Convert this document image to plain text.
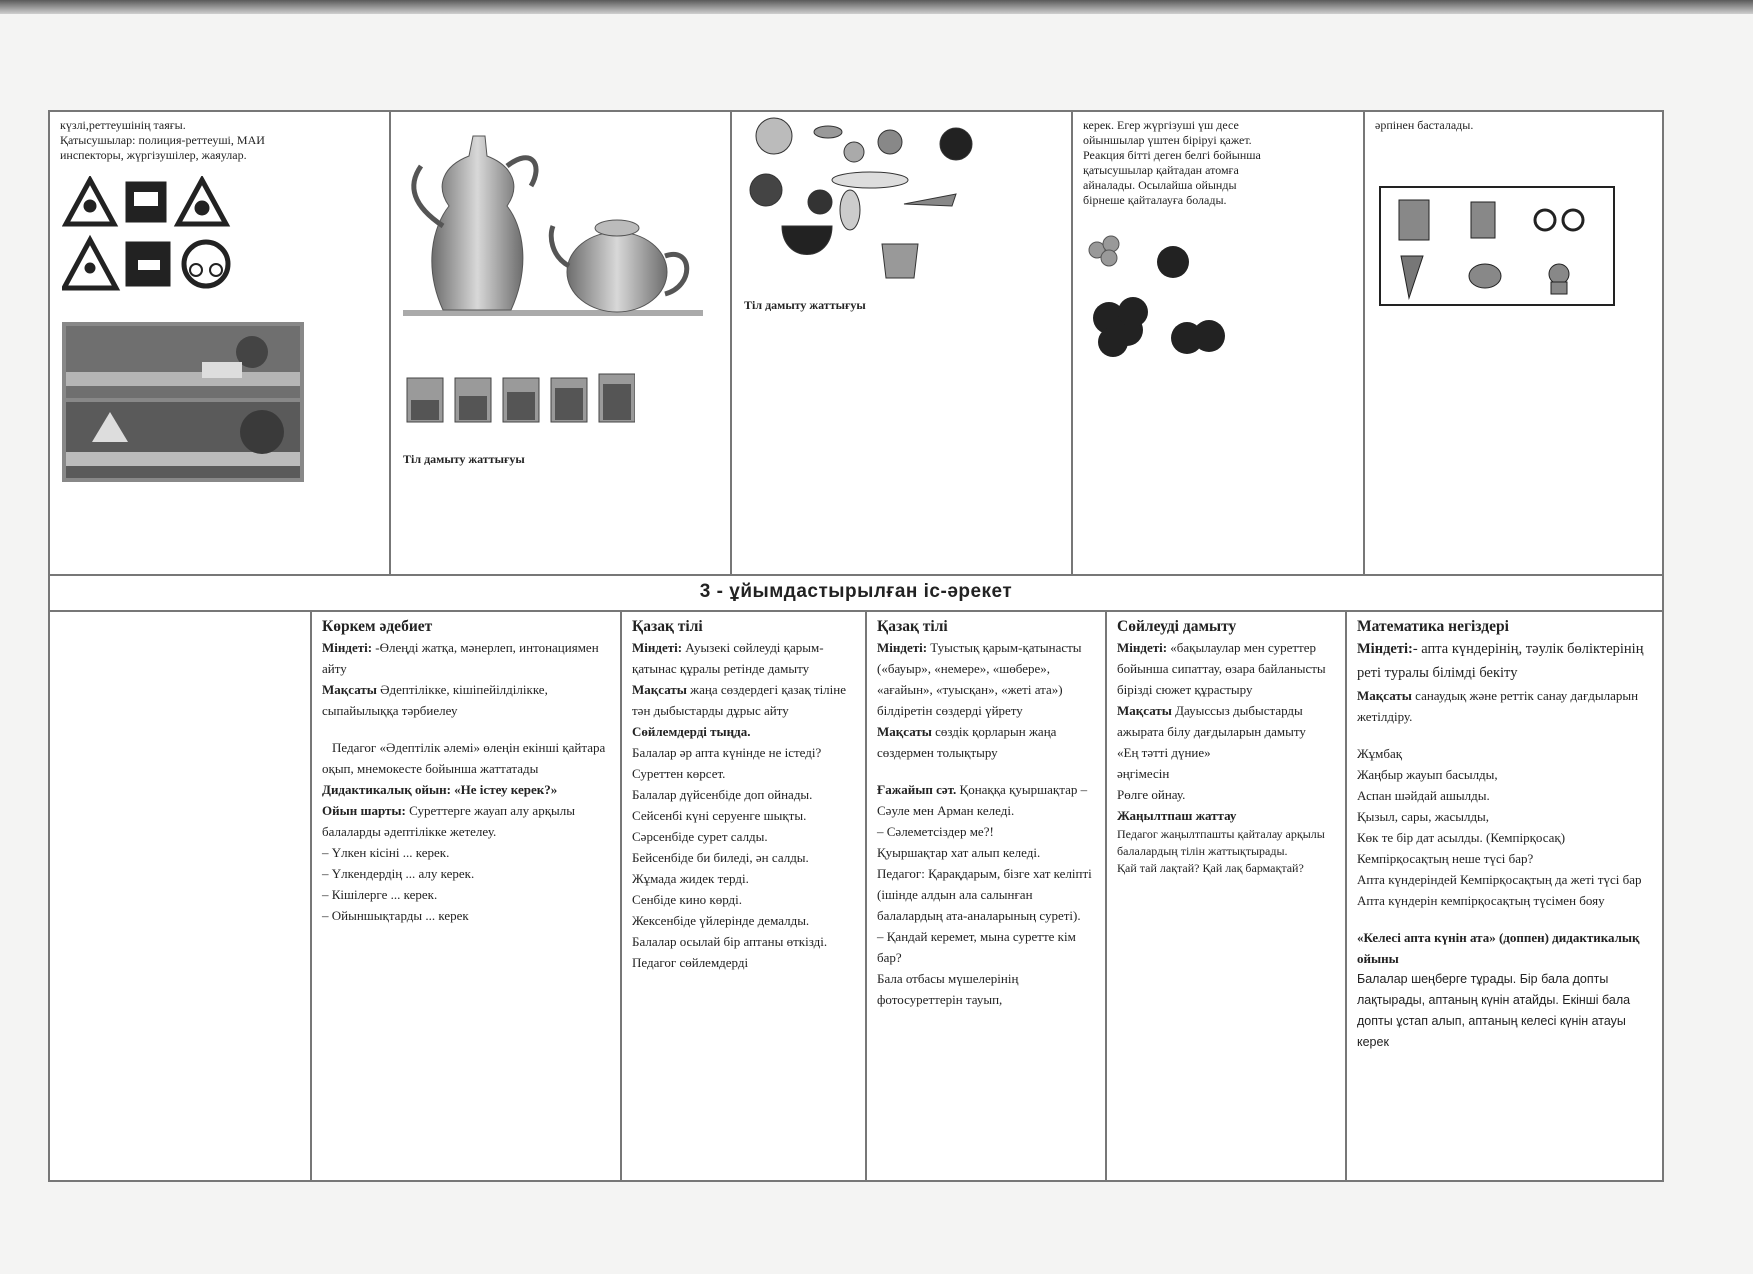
күзлі,реттеушінің таяғы.
Қатысушылар: полиция-реттеуші, МАИ
инспекторы, жүргізушілер, жаяулар.
Тіл дамыту жаттығуы
Тіл дамыту жаттығуы
керек. Егер жүргізуші үш десе
ойыншылар үштен біріруі қажет.
Реакция бітті деген белгі бойынша
қатысушылар қайтадан атомға
айналады. Осылайша ойынды
бірнеше қайталауға болады.
әрпінен басталады.
3 - ұйымдастырылған іс-әрекет
Көркем әдебиет
Міндеті: -Өлеңді жатқа, мәнерлеп, интонациямен айту
Мақсаты Әдептілікке, кішіпейілділікке, сыпайылыққа тәрбиелеу
Педагог «Әдептілік әлемі» өлеңін екінші қайтара оқып, мнемокесте бойынша жаттатады
Дидактикалық ойын: «Не істеу керек?»
Ойын шарты: Суреттерге жауап алу арқылы балаларды әдептілікке жетелеу.
– Үлкен кісіні ... керек.
– Үлкендердің ... алу керек.
– Кішілерге ... керек.
– Ойыншықтарды ... керек
Қазақ тілі
Міндеті: Ауызекі сөйлеуді қарым-қатынас құралы ретінде дамыту
Мақсаты жаңа сөздердегі қазақ тіліне тән дыбыстарды дұрыс айту
Сөйлемдерді тыңда.
Балалар әр апта күнінде не істеді? Суреттен көрсет.
Балалар дүйсенбіде доп ойнады.
Сейсенбі күні серуенге шықты.
Сәрсенбіде сурет салды.
Бейсенбіде би биледі, ән салды.
Жұмада жидек терді.
Сенбіде кино көрді.
Жексенбіде үйлерінде демалды.
Балалар осылай бір аптаны өткізді.
Педагог сөйлемдерді
Қазақ тілі
Міндеті: Туыстық қарым-қатынасты («бауыр», «немере», «шөбере», «ағайын», «туысқан», «жеті ата») білдіретін сөздерді үйрету
Мақсаты сөздік қорларын жаңа сөздермен толықтыру
Ғажайып сәт. Қонаққа қуыршақтар – Сәуле мен Арман келеді.
– Сәлеметсіздер ме?!
Қуыршақтар хат алып келеді.
Педагог: Қарақдарым, бізге хат келіпті (ішінде алдын ала салынған балалардың ата-аналарының суреті).
– Қандай керемет, мына суретте кім бар?
Бала отбасы мүшелерінің фотосуреттерін тауып,
Сөйлеуді дамыту
Міндеті: «бақылаулар мен суреттер бойынша сипаттау, өзара байланысты бірізді сюжет құрастыру
Мақсаты Дауыссыз дыбыстарды ажырата білу дағдыларын дамыту
«Ең тәтті дүние»
әңгімесін
Рөлге ойнау.
Жаңылтпаш жаттау
Педагог жаңылтпашты қайталау арқылы балалардың тілін жаттықтырады.
Қай тай лақтай? Қай лақ бармақтай?
Математика негіздері
Міндеті:- апта күндерінің, тәулік бөліктерінің реті туралы білімді бекіту
Мақсаты санаудық және реттік санау дағдыларын жетілдіру.
Жұмбақ
Жаңбыр жауып басылды,
Аспан шәйдай ашылды.
Қызыл, сары, жасылды,
Көк те бір дат асылды. (Кемпірқосақ)
Кемпірқосақтың неше түсі бар?
Апта күндеріндей Кемпірқосақтың да жеті түсі бар
Апта күндерін кемпірқосақтың түсімен бояу
«Келесі апта күнін ата» (доппен) дидактикалық ойыны
Балалар шеңберге тұрады. Бір бала допты лақтырады, аптаның күнін атайды. Екінші бала допты ұстап алып, аптаның келесі күнін атауы керек
